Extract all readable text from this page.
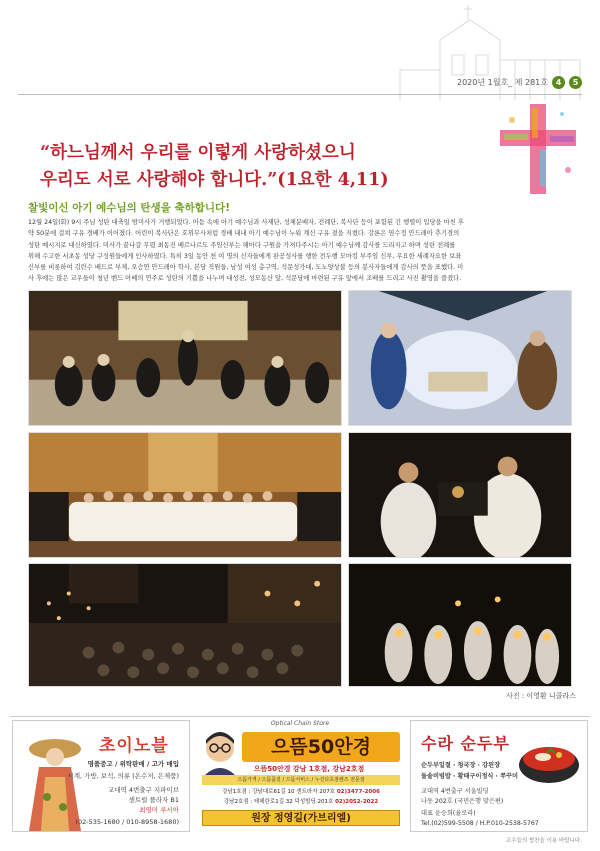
2020년 1월호_ 제 281호 4	5
“하느님께서 우리를 이렇게 사랑하셨으니
우리도 서로 사랑해야 합니다.”(1요한 4,11)
찰빛이신 아기 예수님의 탄생을 축하합니다!
12월 24일(화) 9시 주님 성탄 대축일 밤미사가 거행되었다. 어둠 속에 아기 예수님과 사제단, 성체분배자, 전례단, 복사단 등이 포함된 긴 행렬이 입당을 마친 후
약 50분에 걸쳐 구유 경배가 이어졌다. 어린이 복사단은 호위무사처럼 경배 내내 아기 예수님이 누워 계신 구유 곁을 지켰다. 강론은 염수정 안드레아 추기경의
성탄 메시지로 대신하였다. 미사가 끝나갈 무렵 최동진 베르나르도 주임신부는 해마다 구원을 가져다주시는 아기 예수님께 감사를 드리자고 하며 성탄 전례를
위해 수고한 서초동 성당 구성원들에게 인사하였다. 특히 3일 동안 천 여 명의 신자들에게 판공성사를 행한 전두행 모마킹 부주임 신부, 우요한 세례자요한 보좌
신부를 비롯하여 김란수 베드로 부제, 오승연 안드레아 학사, 본당 직원들, 남성 여성 총구역, 석문성가대, 도노양상불 등의 봉사자들에게 감사의 뜻을 표했다. 미
사 후에는 많은 교우들이 청년 밴드 아베의 연주로 성탄의 기쁨을 나누며 대성전, 성모동산 앞, 석문당에 마련된 구유 앞에서 조배를 드리고 사진 촬영을 즐겼다.
사진 : 이영환 니콜라스
초이노블
명품중고 / 위탁판매 / 고가 매입
시계, 가방, 보석, 의류 (온수저, 은제품)
교대역 4번출구 지파이브
센트럴 플라자 B1
최영미 루시아
(02-535-1680 / 010-8958-1680)
Optical Chain Store
으뜸50안경
으뜸50안경 강남 1호점, 강남2호점
으뜸가격 / 으뜸품질 / 으뜸서비스 / 누진다초점렌즈 전문점
강남1호점 : 강남대로61길 10 센트라자 207호 02)3477-2006
강남2호점 : 테헤란로1길 32 덕성빌딩 201호 02)2052-2022
원장 정영길(가브리엘)
수라 순두부
순두부일절 · 청국장 · 강된장
돌솥비빔밥 · 황태구이정식 · 쭈꾸미
교대역 4번출구 서울빌딩
나동 202호 (국민은행 맞은편)
대표 윤승희(율로라)
Tel.(02)599-5508 / H.P.010-2538-5767
교우들의 협찬을 이용 바랍니다.
